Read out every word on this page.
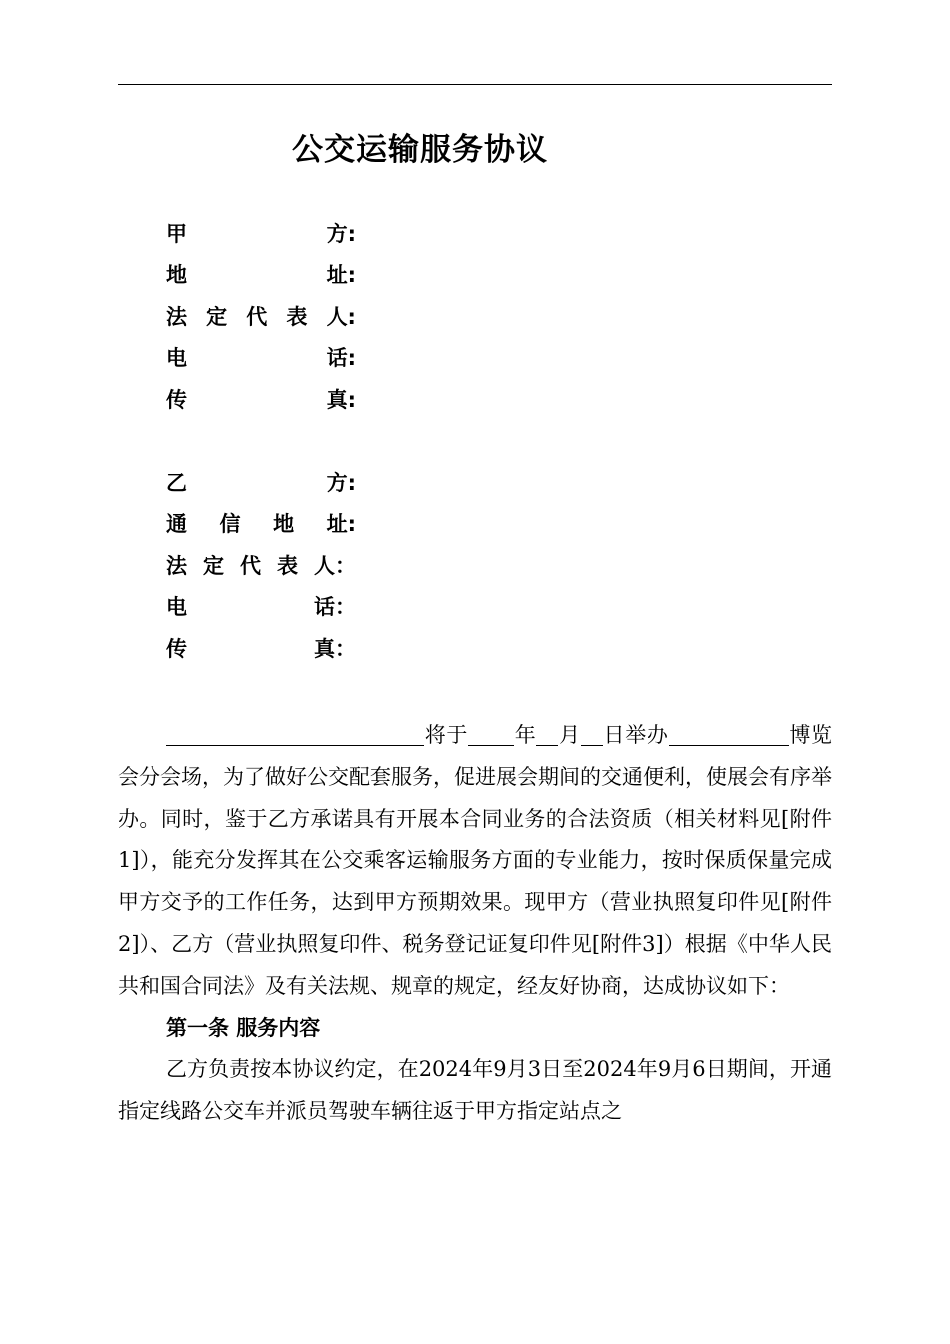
公交运输服务协议
甲	方:
地	址:
法 定 代 表 人:
电	话:
传	真:
乙	方:
通 信 地 址:
法 定 代 表 人：
电	话：
传	真：

将于 年 月 日举办	博览会分会场，为了做好公交配套服务，促进展会期间的交通便利，使展会有序举办。同时，鉴于乙方承诺具有开展本合同业务的合法资质（相关材料见[附件1]），能充分发挥其在公交乘客运输服务方面的专业能力，按时保质保量完成甲方交予的工作任务，达到甲方预期效果。现甲方（营业执照复印件见[附件2]）、乙方（营业执照复印件、税务登记证复印件见[附件3]）根据《中华人民共和国合同法》及有关法规、规章的规定，经友好协商，达成协议如下：

第一条 服务内容

乙方负责按本协议约定，在2024年9月3日至2024年9月6日期间，开通指定线路公交车并派员驾驶车辆往返于甲方指定站点之
